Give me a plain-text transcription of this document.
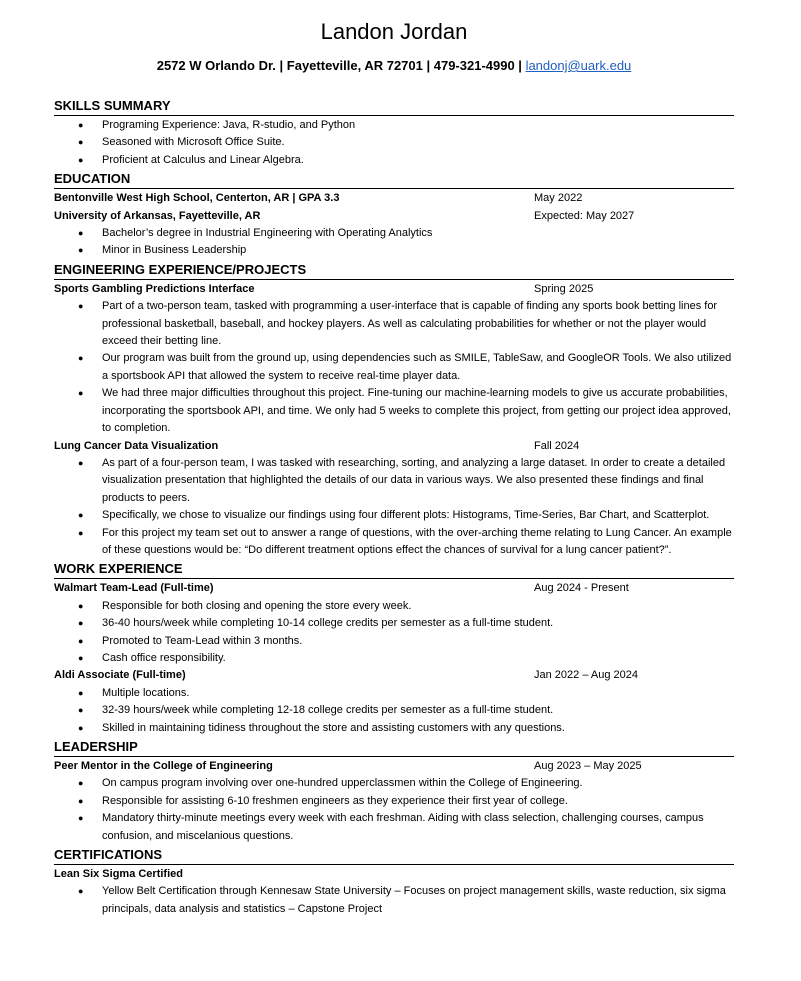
Landon Jordan
2572 W Orlando Dr. | Fayetteville, AR 72701 | 479-321-4990 | landonj@uark.edu
SKILLS SUMMARY
● Programing Experience: Java, R-studio, and Python
● Seasoned with Microsoft Office Suite.
● Proficient at Calculus and Linear Algebra.
EDUCATION
Bentonville West High School, Centerton, AR | GPA 3.3	May 2022
University of Arkansas, Fayetteville, AR	Expected: May 2027
● Bachelor’s degree in Industrial Engineering with Operating Analytics
● Minor in Business Leadership
ENGINEERING EXPERIENCE/PROJECTS
Sports Gambling Predictions Interface	Spring 2025
● Part of a two-person team, tasked with programming a user-interface that is capable of finding any sports book betting lines for professional basketball, baseball, and hockey players. As well as calculating probabilities for whether or not the player would exceed their betting line.
● Our program was built from the ground up, using dependencies such as SMILE, TableSaw, and GoogleOR Tools. We also utilized a sportsbook API that allowed the system to receive real-time player data.
● We had three major difficulties throughout this project. Fine-tuning our machine-learning models to give us accurate probabilities, incorporating the sportsbook API, and time. We only had 5 weeks to complete this project, from getting our project idea approved, to completion.
Lung Cancer Data Visualization	Fall 2024
● As part of a four-person team, I was tasked with researching, sorting, and analyzing a large dataset. In order to create a detailed visualization presentation that highlighted the details of our data in various ways. We also presented these findings and final products to peers.
● Specifically, we chose to visualize our findings using four different plots: Histograms, Time-Series, Bar Chart, and Scatterplot.
● For this project my team set out to answer a range of questions, with the over-arching theme relating to Lung Cancer. An example of these questions would be: “Do different treatment options effect the chances of survival for a lung cancer patient?”.
WORK EXPERIENCE
Walmart Team-Lead (Full-time)	Aug 2024 - Present
● Responsible for both closing and opening the store every week.
● 36-40 hours/week while completing 10-14 college credits per semester as a full-time student.
● Promoted to Team-Lead within 3 months.
● Cash office responsibility.
Aldi Associate (Full-time)	Jan 2022 – Aug 2024
● Multiple locations.
● 32-39 hours/week while completing 12-18 college credits per semester as a full-time student.
● Skilled in maintaining tidiness throughout the store and assisting customers with any questions.
LEADERSHIP
Peer Mentor in the College of Engineering	Aug 2023 – May 2025
● On campus program involving over one-hundred upperclassmen within the College of Engineering.
● Responsible for assisting 6-10 freshmen engineers as they experience their first year of college.
● Mandatory thirty-minute meetings every week with each freshman. Aiding with class selection, challenging courses, campus confusion, and miscelanious questions.
CERTIFICATIONS
Lean Six Sigma Certified
● Yellow Belt Certification through Kennesaw State University – Focuses on project management skills, waste reduction, six sigma principals, data analysis and statistics – Capstone Project
